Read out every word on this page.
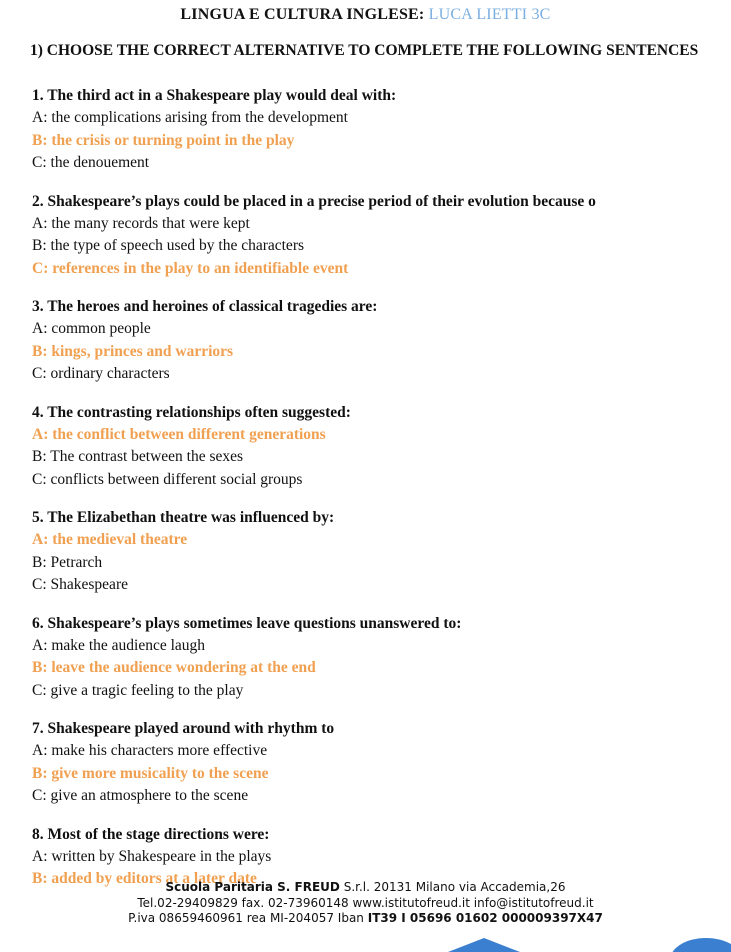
LINGUA E CULTURA INGLESE: LUCA LIETTI 3C
1) CHOOSE THE CORRECT ALTERNATIVE TO COMPLETE THE FOLLOWING SENTENCES
1. The third act in a Shakespeare play would deal with:
A: the complications arising from the development
B: the crisis or turning point in the play
C: the denouement
2. Shakespeare’s plays could be placed in a precise period of their evolution because o
A: the many records that were kept
B: the type of speech used by the characters
C: references in the play to an identifiable event
3. The heroes and heroines of classical tragedies are:
A: common people
B: kings, princes and warriors
C: ordinary characters
4. The contrasting relationships often suggested:
A: the conflict between different generations
B: The contrast between the sexes
C: conflicts between different social groups
5. The Elizabethan theatre was influenced by:
A: the medieval theatre
B: Petrarch
C: Shakespeare
6. Shakespeare’s plays sometimes leave questions unanswered to:
A: make the audience laugh
B: leave the audience wondering at the end
C: give a tragic feeling to the play
7. Shakespeare played around with rhythm to
A: make his characters more effective
B: give more musicality to the scene
C: give an atmosphere to the scene
8. Most of the stage directions were:
A: written by Shakespeare in the plays
B: added by editors at a later date
Scuola Paritaria S. FREUD S.r.l. 20131 Milano via Accademia,26
Tel.02-29409829 fax. 02-73960148 www.istitutofreud.it info@istitutofreud.it
P.iva 08659460961 rea MI-204057 Iban IT39 I 05696 01602 000009397X47
